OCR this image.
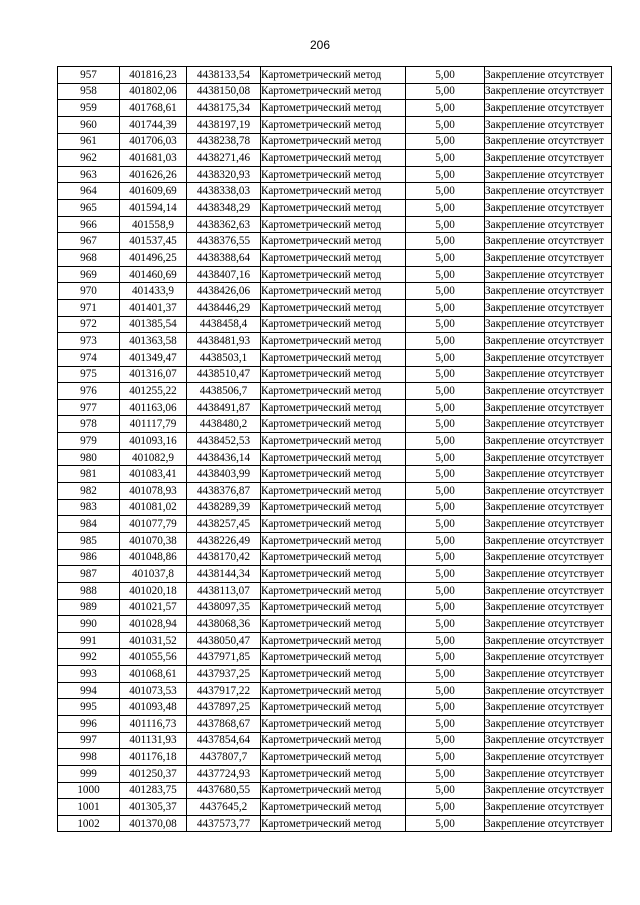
206
957	401816,23	4438133,54	Картометрический метод	5,00	Закрепление отсутствует
958	401802,06	4438150,08	Картометрический метод	5,00	Закрепление отсутствует
959	401768,61	4438175,34	Картометрический метод	5,00	Закрепление отсутствует
960	401744,39	4438197,19	Картометрический метод	5,00	Закрепление отсутствует
961	401706,03	4438238,78	Картометрический метод	5,00	Закрепление отсутствует
962	401681,03	4438271,46	Картометрический метод	5,00	Закрепление отсутствует
963	401626,26	4438320,93	Картометрический метод	5,00	Закрепление отсутствует
964	401609,69	4438338,03	Картометрический метод	5,00	Закрепление отсутствует
965	401594,14	4438348,29	Картометрический метод	5,00	Закрепление отсутствует
966	401558,9	4438362,63	Картометрический метод	5,00	Закрепление отсутствует
967	401537,45	4438376,55	Картометрический метод	5,00	Закрепление отсутствует
968	401496,25	4438388,64	Картометрический метод	5,00	Закрепление отсутствует
969	401460,69	4438407,16	Картометрический метод	5,00	Закрепление отсутствует
970	401433,9	4438426,06	Картометрический метод	5,00	Закрепление отсутствует
971	401401,37	4438446,29	Картометрический метод	5,00	Закрепление отсутствует
972	401385,54	4438458,4	Картометрический метод	5,00	Закрепление отсутствует
973	401363,58	4438481,93	Картометрический метод	5,00	Закрепление отсутствует
974	401349,47	4438503,1	Картометрический метод	5,00	Закрепление отсутствует
975	401316,07	4438510,47	Картометрический метод	5,00	Закрепление отсутствует
976	401255,22	4438506,7	Картометрический метод	5,00	Закрепление отсутствует
977	401163,06	4438491,87	Картометрический метод	5,00	Закрепление отсутствует
978	401117,79	4438480,2	Картометрический метод	5,00	Закрепление отсутствует
979	401093,16	4438452,53	Картометрический метод	5,00	Закрепление отсутствует
980	401082,9	4438436,14	Картометрический метод	5,00	Закрепление отсутствует
981	401083,41	4438403,99	Картометрический метод	5,00	Закрепление отсутствует
982	401078,93	4438376,87	Картометрический метод	5,00	Закрепление отсутствует
983	401081,02	4438289,39	Картометрический метод	5,00	Закрепление отсутствует
984	401077,79	4438257,45	Картометрический метод	5,00	Закрепление отсутствует
985	401070,38	4438226,49	Картометрический метод	5,00	Закрепление отсутствует
986	401048,86	4438170,42	Картометрический метод	5,00	Закрепление отсутствует
987	401037,8	4438144,34	Картометрический метод	5,00	Закрепление отсутствует
988	401020,18	4438113,07	Картометрический метод	5,00	Закрепление отсутствует
989	401021,57	4438097,35	Картометрический метод	5,00	Закрепление отсутствует
990	401028,94	4438068,36	Картометрический метод	5,00	Закрепление отсутствует
991	401031,52	4438050,47	Картометрический метод	5,00	Закрепление отсутствует
992	401055,56	4437971,85	Картометрический метод	5,00	Закрепление отсутствует
993	401068,61	4437937,25	Картометрический метод	5,00	Закрепление отсутствует
994	401073,53	4437917,22	Картометрический метод	5,00	Закрепление отсутствует
995	401093,48	4437897,25	Картометрический метод	5,00	Закрепление отсутствует
996	401116,73	4437868,67	Картометрический метод	5,00	Закрепление отсутствует
997	401131,93	4437854,64	Картометрический метод	5,00	Закрепление отсутствует
998	401176,18	4437807,7	Картометрический метод	5,00	Закрепление отсутствует
999	401250,37	4437724,93	Картометрический метод	5,00	Закрепление отсутствует
1000	401283,75	4437680,55	Картометрический метод	5,00	Закрепление отсутствует
1001	401305,37	4437645,2	Картометрический метод	5,00	Закрепление отсутствует
1002	401370,08	4437573,77	Картометрический метод	5,00	Закрепление отсутствует
